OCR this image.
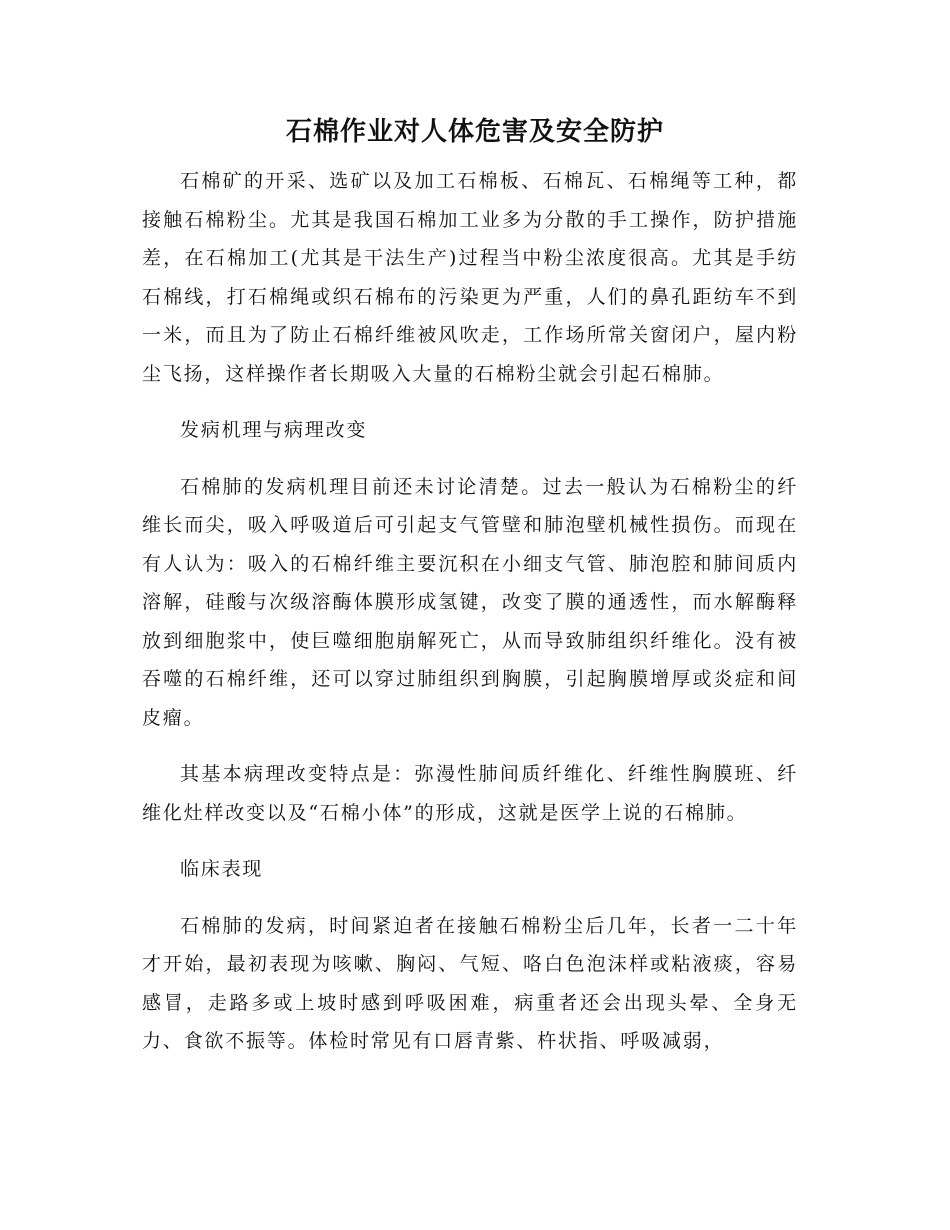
石棉作业对人体危害及安全防护

石棉矿的开采、选矿以及加工石棉板、石棉瓦、石棉绳等工种，都接触石棉粉尘。尤其是我国石棉加工业多为分散的手工操作，防护措施差，在石棉加工(尤其是干法生产)过程当中粉尘浓度很高。尤其是手纺石棉线，打石棉绳或织石棉布的污染更为严重，人们的鼻孔距纺车不到一米，而且为了防止石棉纤维被风吹走，工作场所常关窗闭户，屋内粉尘飞扬，这样操作者长期吸入大量的石棉粉尘就会引起石棉肺。

发病机理与病理改变

石棉肺的发病机理目前还未讨论清楚。过去一般认为石棉粉尘的纤维长而尖，吸入呼吸道后可引起支气管壁和肺泡壁机械性损伤。而现在有人认为：吸入的石棉纤维主要沉积在小细支气管、肺泡腔和肺间质内溶解，硅酸与次级溶酶体膜形成氢键，改变了膜的通透性，而水解酶释放到细胞浆中，使巨噬细胞崩解死亡，从而导致肺组织纤维化。没有被吞噬的石棉纤维，还可以穿过肺组织到胸膜，引起胸膜增厚或炎症和间皮瘤。

其基本病理改变特点是：弥漫性肺间质纤维化、纤维性胸膜班、纤维化灶样改变以及“石棉小体”的形成，这就是医学上说的石棉肺。

临床表现

石棉肺的发病，时间紧迫者在接触石棉粉尘后几年，长者一二十年才开始，最初表现为咳嗽、胸闷、气短、咯白色泡沫样或粘液痰，容易感冒，走路多或上坡时感到呼吸困难，病重者还会出现头晕、全身无力、食欲不振等。体检时常见有口唇青紫、杵状指、呼吸减弱，
